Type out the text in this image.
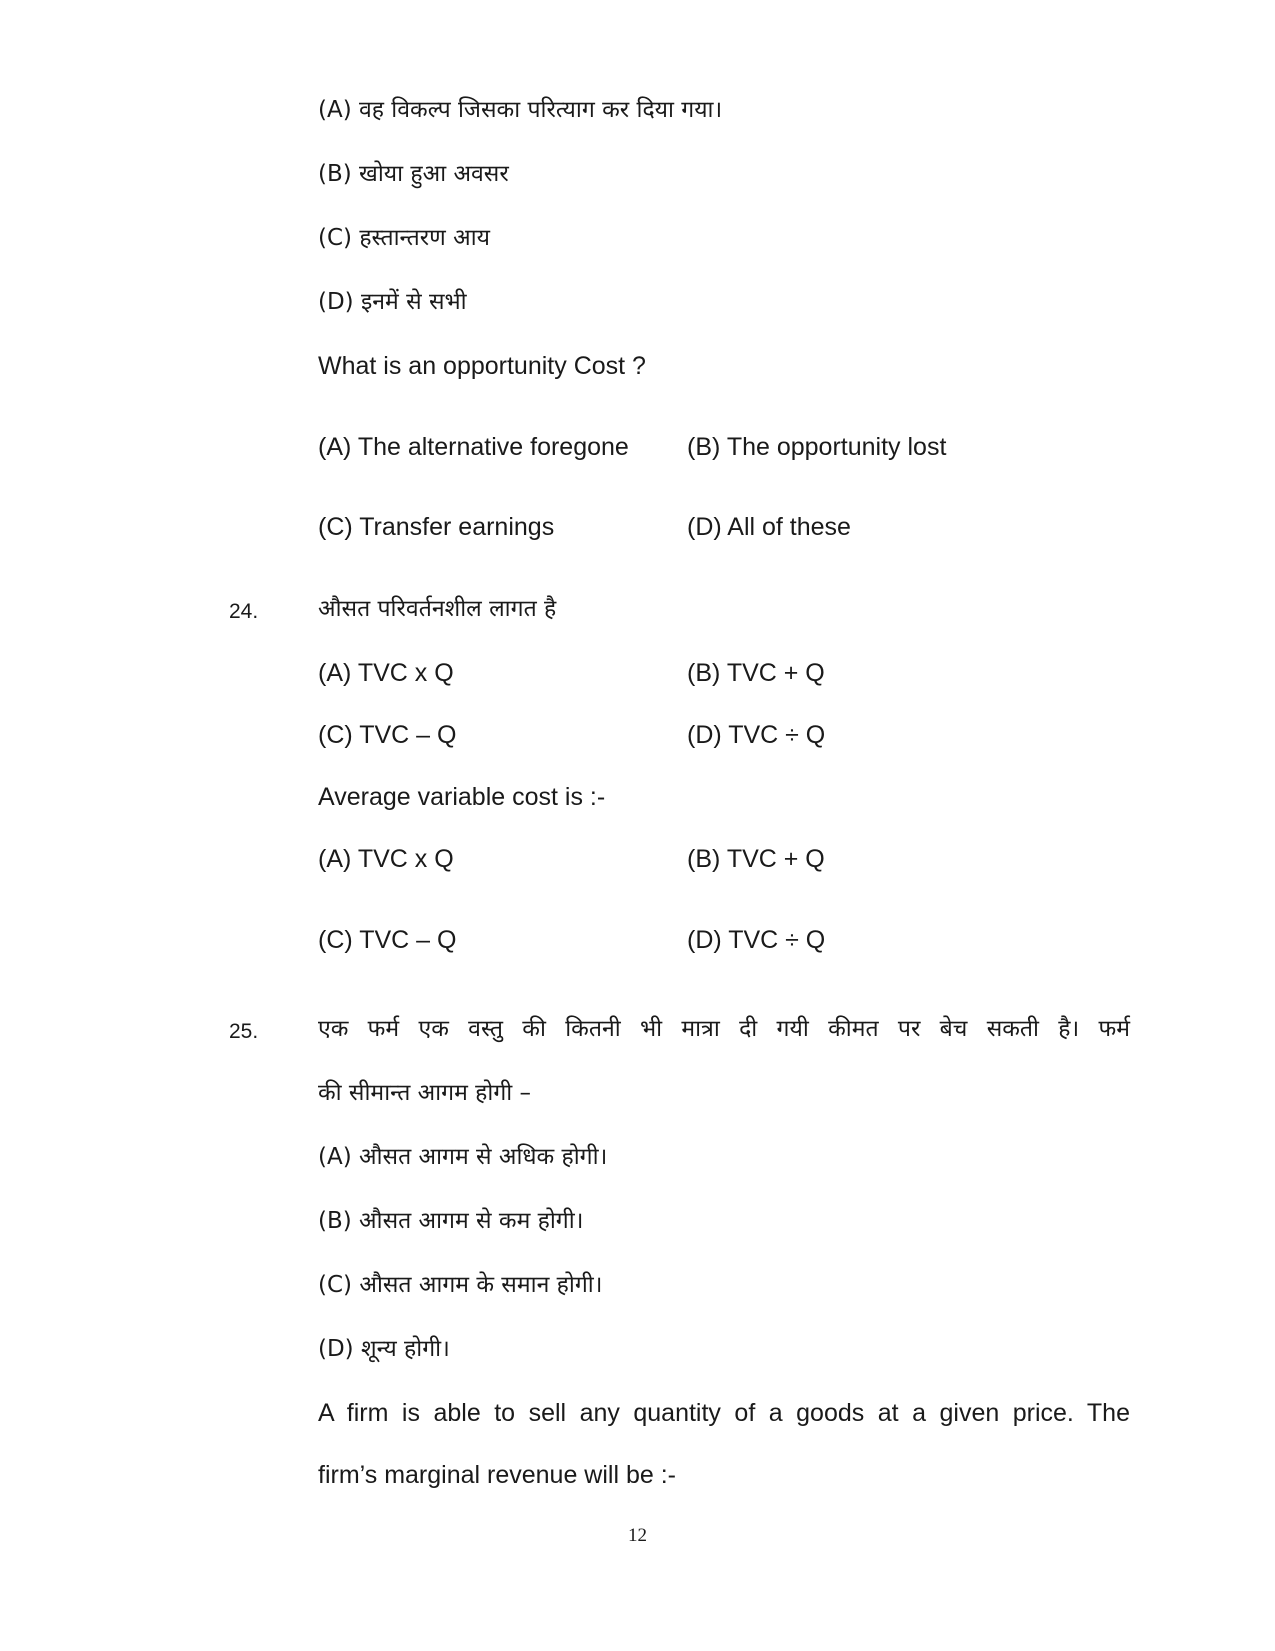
(A) वह विकल्प जिसका परित्याग कर दिया गया।
(B) खोया हुआ अवसर
(C) हस्तान्तरण आय
(D) इनमें से सभी
What is an opportunity Cost ?
(A) The alternative foregone (B) The opportunity lost
(C) Transfer earnings	(D) All of these
24.	औसत परिवर्तनशील लागत है
(A) TVC x Q	(B) TVC + Q
(C) TVC – Q	(D) TVC ÷ Q
Average variable cost is :-
(A) TVC x Q	(B) TVC + Q
(C) TVC – Q	(D) TVC ÷ Q
25.	एक फर्म एक वस्तु की कितनी भी मात्रा दी गयी कीमत पर बेच सकती है। फर्म
की सीमान्त आगम होगी –
(A) औसत आगम से अधिक होगी।
(B) औसत आगम से कम होगी।
(C) औसत आगम के समान होगी।
(D) शून्य होगी।
A firm is able to sell any quantity of a goods at a given price. The
firm’s marginal revenue will be :-
12
